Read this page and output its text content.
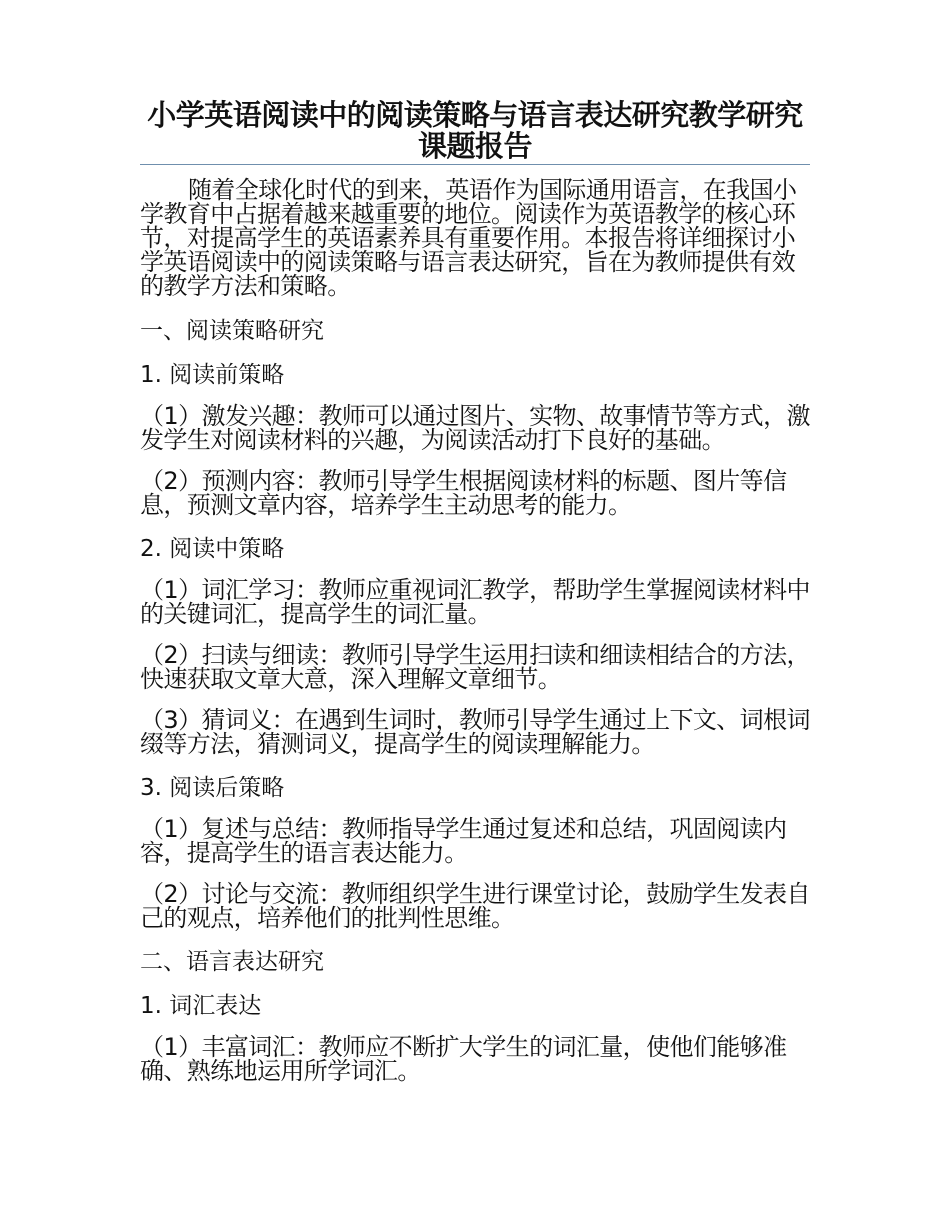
小学英语阅读中的阅读策略与语言表达研究教学研究课题报告

随着全球化时代的到来，英语作为国际通用语言，在我国小学教育中占据着越来越重要的地位。阅读作为英语教学的核心环节，对提高学生的英语素养具有重要作用。本报告将详细探讨小学英语阅读中的阅读策略与语言表达研究，旨在为教师提供有效的教学方法和策略。

一、阅读策略研究

1. 阅读前策略

（1）激发兴趣：教师可以通过图片、实物、故事情节等方式，激发学生对阅读材料的兴趣，为阅读活动打下良好的基础。

（2）预测内容：教师引导学生根据阅读材料的标题、图片等信息，预测文章内容，培养学生主动思考的能力。

2. 阅读中策略

（1）词汇学习：教师应重视词汇教学，帮助学生掌握阅读材料中的关键词汇，提高学生的词汇量。

（2）扫读与细读：教师引导学生运用扫读和细读相结合的方法，快速获取文章大意，深入理解文章细节。

（3）猜词义：在遇到生词时，教师引导学生通过上下文、词根词缀等方法，猜测词义，提高学生的阅读理解能力。

3. 阅读后策略

（1）复述与总结：教师指导学生通过复述和总结，巩固阅读内容，提高学生的语言表达能力。

（2）讨论与交流：教师组织学生进行课堂讨论，鼓励学生发表自己的观点，培养他们的批判性思维。

二、语言表达研究

1. 词汇表达

（1）丰富词汇：教师应不断扩大学生的词汇量，使他们能够准确、熟练地运用所学词汇。
